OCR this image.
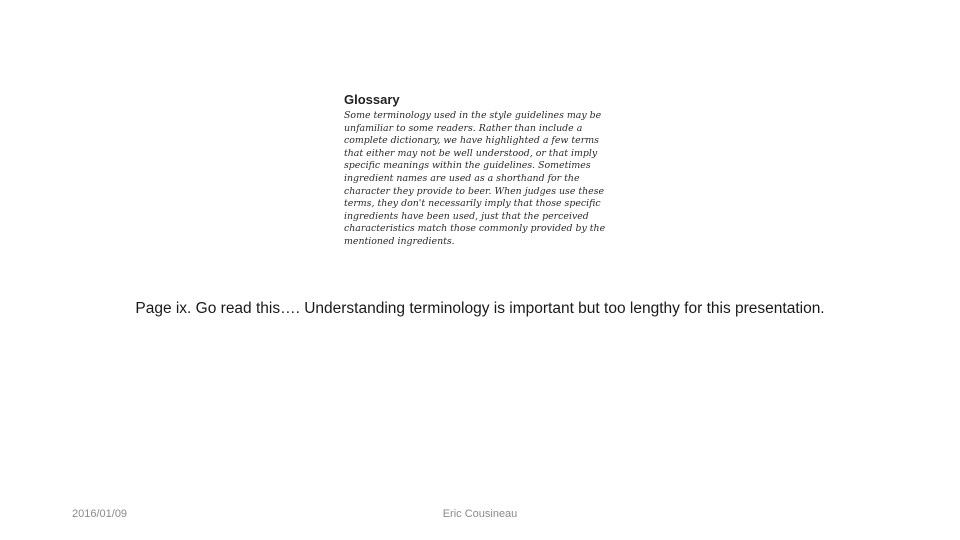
Glossary
Some terminology used in the style guidelines may be
unfamiliar to some readers. Rather than include a
complete dictionary, we have highlighted a few terms
that either may not be well understood, or that imply
specific meanings within the guidelines. Sometimes
ingredient names are used as a shorthand for the
character they provide to beer. When judges use these
terms, they don't necessarily imply that those specific
ingredients have been used, just that the perceived
characteristics match those commonly provided by the
mentioned ingredients.
Page ix. Go read this…. Understanding terminology is important but too lengthy for this presentation.
2016/01/09	Eric Cousineau
